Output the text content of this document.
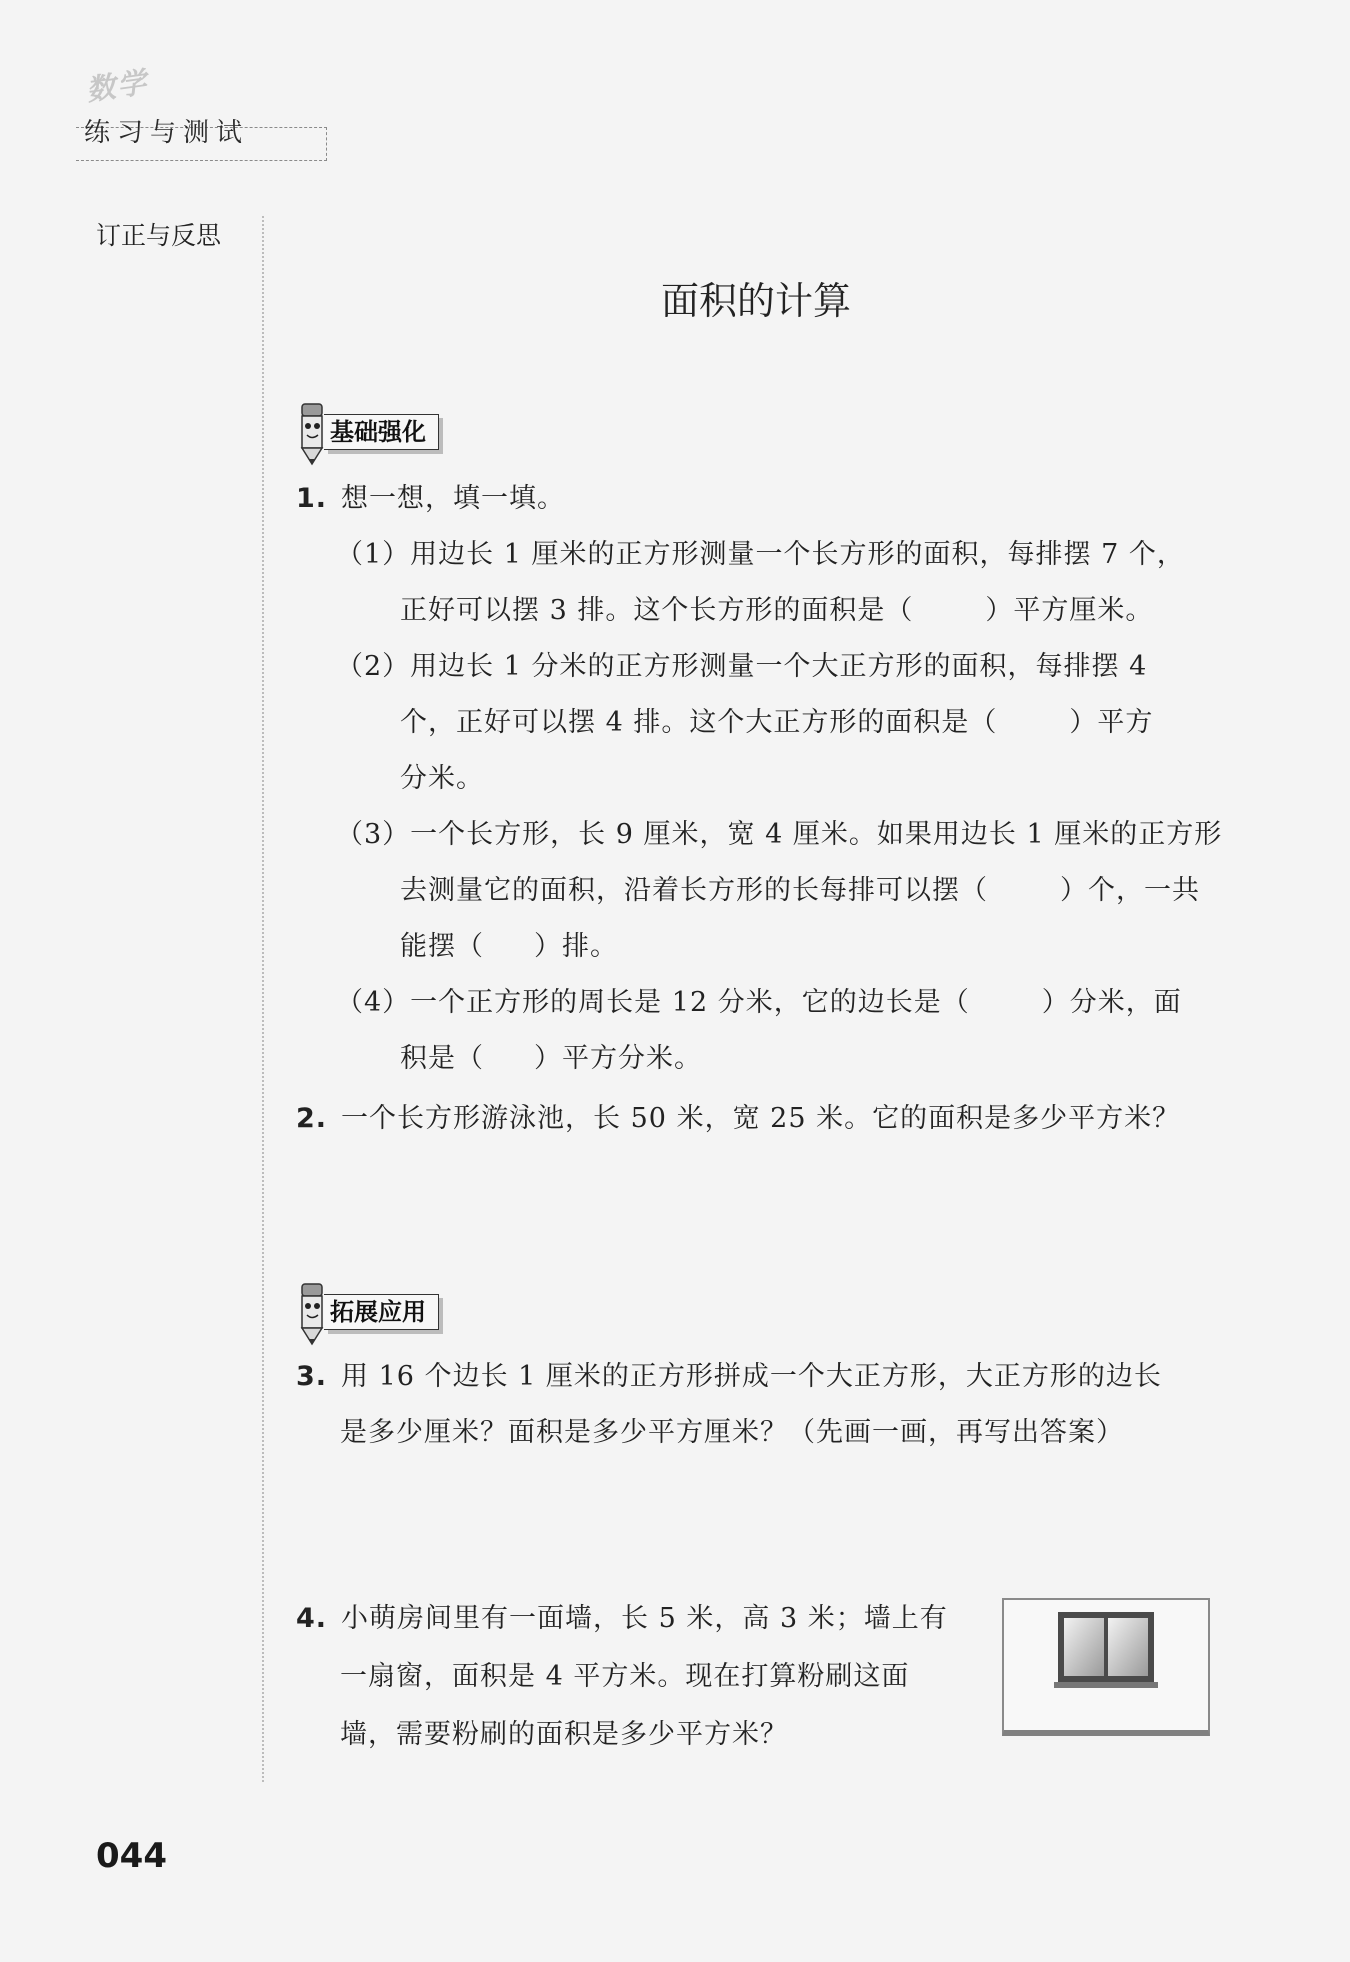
数学
练习与测试
订正与反思
面积的计算
基础强化
1. 想一想，填一填。
（1）用边长 1 厘米的正方形测量一个长方形的面积，每排摆 7 个，
正好可以摆 3 排。这个长方形的面积是（	）平方厘米。
（2）用边长 1 分米的正方形测量一个大正方形的面积，每排摆 4
个，正好可以摆 4 排。这个大正方形的面积是（	）平方
分米。
（3）一个长方形，长 9 厘米，宽 4 厘米。如果用边长 1 厘米的正方形
去测量它的面积，沿着长方形的长每排可以摆（	）个，一共
能摆（ ）排。
（4）一个正方形的周长是 12 分米，它的边长是（	）分米，面
积是（ ）平方分米。
2. 一个长方形游泳池，长 50 米，宽 25 米。它的面积是多少平方米？
拓展应用
3. 用 16 个边长 1 厘米的正方形拼成一个大正方形，大正方形的边长
是多少厘米？面积是多少平方厘米？（先画一画，再写出答案）
4. 小萌房间里有一面墙，长 5 米，高 3 米；墙上有
一扇窗，面积是 4 平方米。现在打算粉刷这面
墙，需要粉刷的面积是多少平方米？
044
